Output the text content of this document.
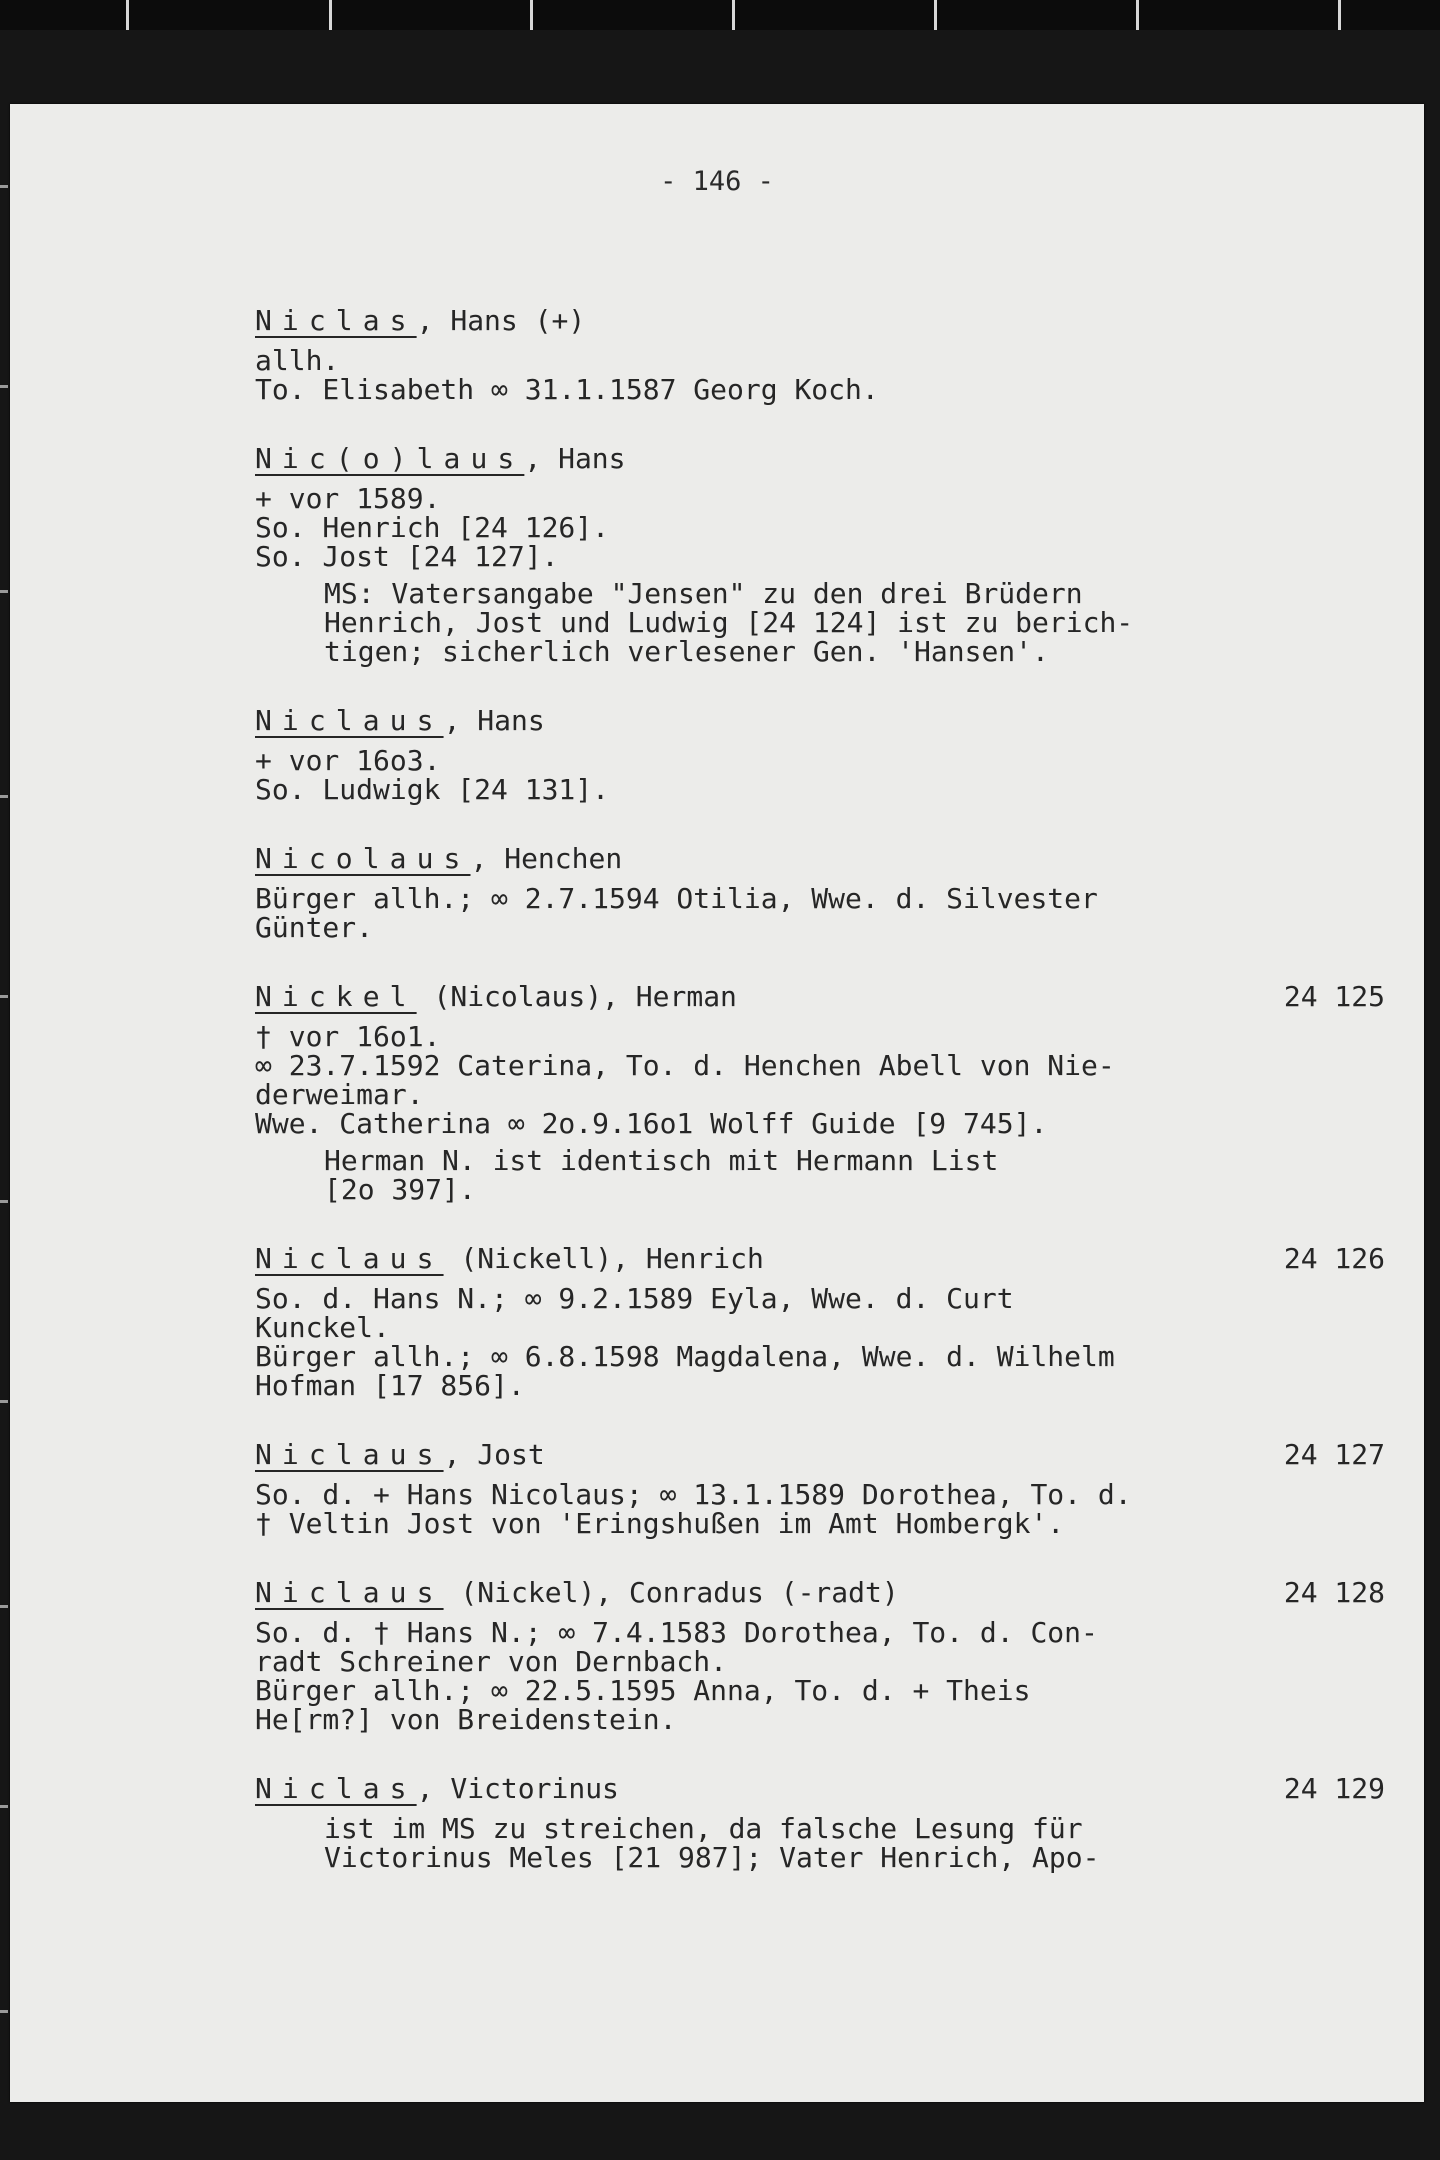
- 146 -
Niclas, Hans (+)
allh.
To. Elisabeth ∞ 31.1.1587 Georg Koch.
Nic(o)laus, Hans
+ vor 1589.
So. Henrich [24 126].
So. Jost [24 127].
MS: Vatersangabe "Jensen" zu den drei Brüdern
Henrich, Jost und Ludwig [24 124] ist zu berich-
tigen; sicherlich verlesener Gen. 'Hansen'.
Niclaus, Hans
+ vor 16o3.
So. Ludwigk [24 131].
Nicolaus, Henchen
Bürger allh.; ∞ 2.7.1594 Otilia, Wwe. d. Silvester
Günter.
Nickel (Nicolaus), Herman	24 125
† vor 16o1.
∞ 23.7.1592 Caterina, To. d. Henchen Abell von Nie-
derweimar.
Wwe. Catherina ∞ 2o.9.16o1 Wolff Guide [9 745].
Herman N. ist identisch mit Hermann List
[2o 397].
Niclaus (Nickell), Henrich	24 126
So. d. Hans N.; ∞ 9.2.1589 Eyla, Wwe. d. Curt
Kunckel.
Bürger allh.; ∞ 6.8.1598 Magdalena, Wwe. d. Wilhelm
Hofman [17 856].
Niclaus, Jost	24 127
So. d. + Hans Nicolaus; ∞ 13.1.1589 Dorothea, To. d.
† Veltin Jost von 'Eringshußen im Amt Hombergk'.
Niclaus (Nickel), Conradus (-radt)	24 128
So. d. † Hans N.; ∞ 7.4.1583 Dorothea, To. d. Con-
radt Schreiner von Dernbach.
Bürger allh.; ∞ 22.5.1595 Anna, To. d. + Theis
He[rm?] von Breidenstein.
Niclas, Victorinus	24 129
ist im MS zu streichen, da falsche Lesung für
Victorinus Meles [21 987]; Vater Henrich, Apo-
